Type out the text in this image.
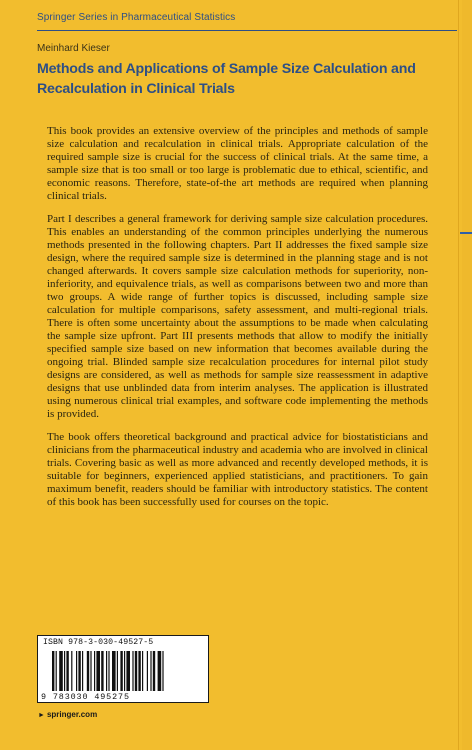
Springer Series in Pharmaceutical Statistics
Meinhard Kieser
Methods and Applications of Sample Size Calculation and Recalculation in Clinical Trials

This book provides an extensive overview of the principles and methods of sample size calculation and recalculation in clinical trials. Appropriate calculation of the required sample size is crucial for the success of clinical trials. At the same time, a sample size that is too small or too large is problematic due to ethical, scientific, and economic reasons. Therefore, state-of-the art methods are required when planning clinical trials.

Part I describes a general framework for deriving sample size calculation procedures. This enables an understanding of the common principles underlying the numerous methods presented in the following chapters. Part II addresses the fixed sample size design, where the required sample size is determined in the planning stage and is not changed afterwards. It covers sample size calculation methods for superiority, non-inferiority, and equivalence trials, as well as comparisons between two and more than two groups. A wide range of further topics is discussed, including sample size calculation for multiple comparisons, safety assessment, and multi-regional trials. There is often some uncertainty about the assumptions to be made when calculating the sample size upfront. Part III presents methods that allow to modify the initially specified sample size based on new information that becomes available during the ongoing trial. Blinded sample size recalculation procedures for internal pilot study designs are considered, as well as methods for sample size reassessment in adaptive designs that use unblinded data from interim analyses. The application is illustrated using numerous clinical trial examples, and software code implementing the methods is provided.

The book offers theoretical background and practical advice for biostatisticians and clinicians from the pharmaceutical industry and academia who are involved in clinical trials. Covering basic as well as more advanced and recently developed methods, it is suitable for beginners, experienced applied statisticians, and practitioners. To gain maximum benefit, readers should be familiar with introductory statistics. The content of this book has been successfully used for courses on the topic.

ISBN 978-3-030-49527-5
9 783030 495275
► springer.com
